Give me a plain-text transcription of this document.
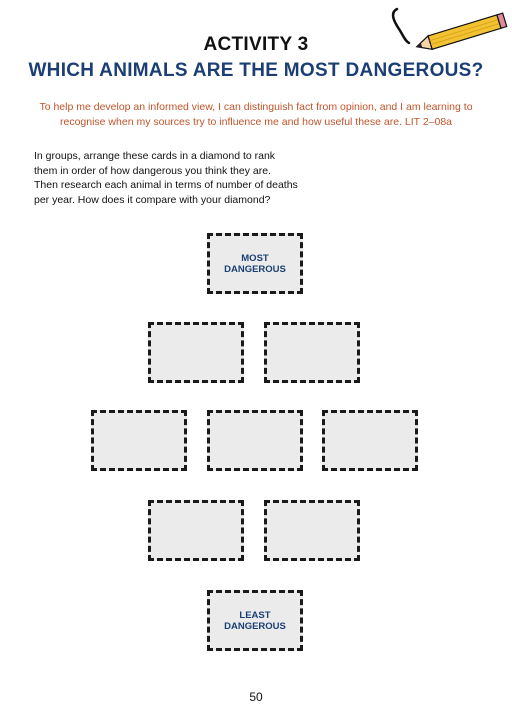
ACTIVITY 3
WHICH ANIMALS ARE THE MOST DANGEROUS?

To help me develop an informed view, I can distinguish fact from opinion, and I am learning to recognise when my sources try to influence me and how useful these are. LIT 2–08a

In groups, arrange these cards in a diamond to rank
them in order of how dangerous you think they are.
Then research each animal in terms of number of deaths
per year. How does it compare with your diamond?
MOST DANGEROUS
LEAST DANGEROUS
50
